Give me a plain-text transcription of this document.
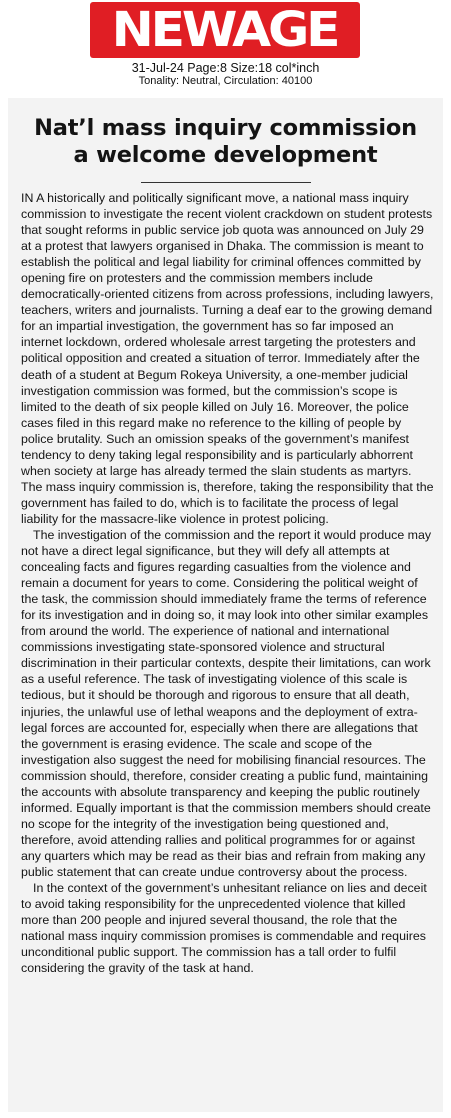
NEWAGE
31-Jul-24 Page:8 Size:18 col*inch
Tonality: Neutral, Circulation: 40100
Nat’l mass inquiry commission
a welcome development

IN A historically and politically significant move, a national mass inquiry commission to investigate the recent violent crackdown on student protests that sought reforms in public service job quota was announced on July 29 at a protest that lawyers organised in Dhaka. The commission is meant to establish the political and legal liability for criminal offences committed by opening fire on protesters and the commission members include democratically-oriented citizens from across professions, including lawyers, teachers, writers and journalists. Turning a deaf ear to the growing demand for an impartial investigation, the government has so far imposed an internet lockdown, ordered wholesale arrest targeting the protesters and political opposition and created a situation of terror. Immediately after the death of a student at Begum Rokeya University, a one-member judicial investigation commission was formed, but the commission’s scope is limited to the death of six people killed on July 16. Moreover, the police cases filed in this regard make no reference to the killing of people by police brutality. Such an omission speaks of the government’s manifest tendency to deny taking legal responsibility and is particularly abhorrent when society at large has already termed the slain students as martyrs. The mass inquiry commission is, therefore, taking the responsibility that the government has failed to do, which is to facilitate the process of legal liability for the massacre-like violence in protest policing.

The investigation of the commission and the report it would produce may not have a direct legal significance, but they will defy all attempts at concealing facts and figures regarding casualties from the violence and remain a document for years to come. Considering the political weight of the task, the commission should immediately frame the terms of reference for its investigation and in doing so, it may look into other similar examples from around the world. The experience of national and international commissions investigating state-sponsored violence and structural discrimination in their particular contexts, despite their limitations, can work as a useful reference. The task of investigating violence of this scale is tedious, but it should be thorough and rigorous to ensure that all death, injuries, the unlawful use of lethal weapons and the deployment of extra-legal forces are accounted for, especially when there are allegations that the government is erasing evidence. The scale and scope of the investigation also suggest the need for mobilising financial resources. The commission should, therefore, consider creating a public fund, maintaining the accounts with absolute transparency and keeping the public routinely informed. Equally important is that the commission members should create no scope for the integrity of the investigation being questioned and, therefore, avoid attending rallies and political programmes for or against any quarters which may be read as their bias and refrain from making any public statement that can create undue controversy about the process.

In the context of the government’s unhesitant reliance on lies and deceit to avoid taking responsibility for the unprecedented violence that killed more than 200 people and injured several thousand, the role that the national mass inquiry commission promises is commendable and requires unconditional public support. The commission has a tall order to fulfil considering the gravity of the task at hand.
